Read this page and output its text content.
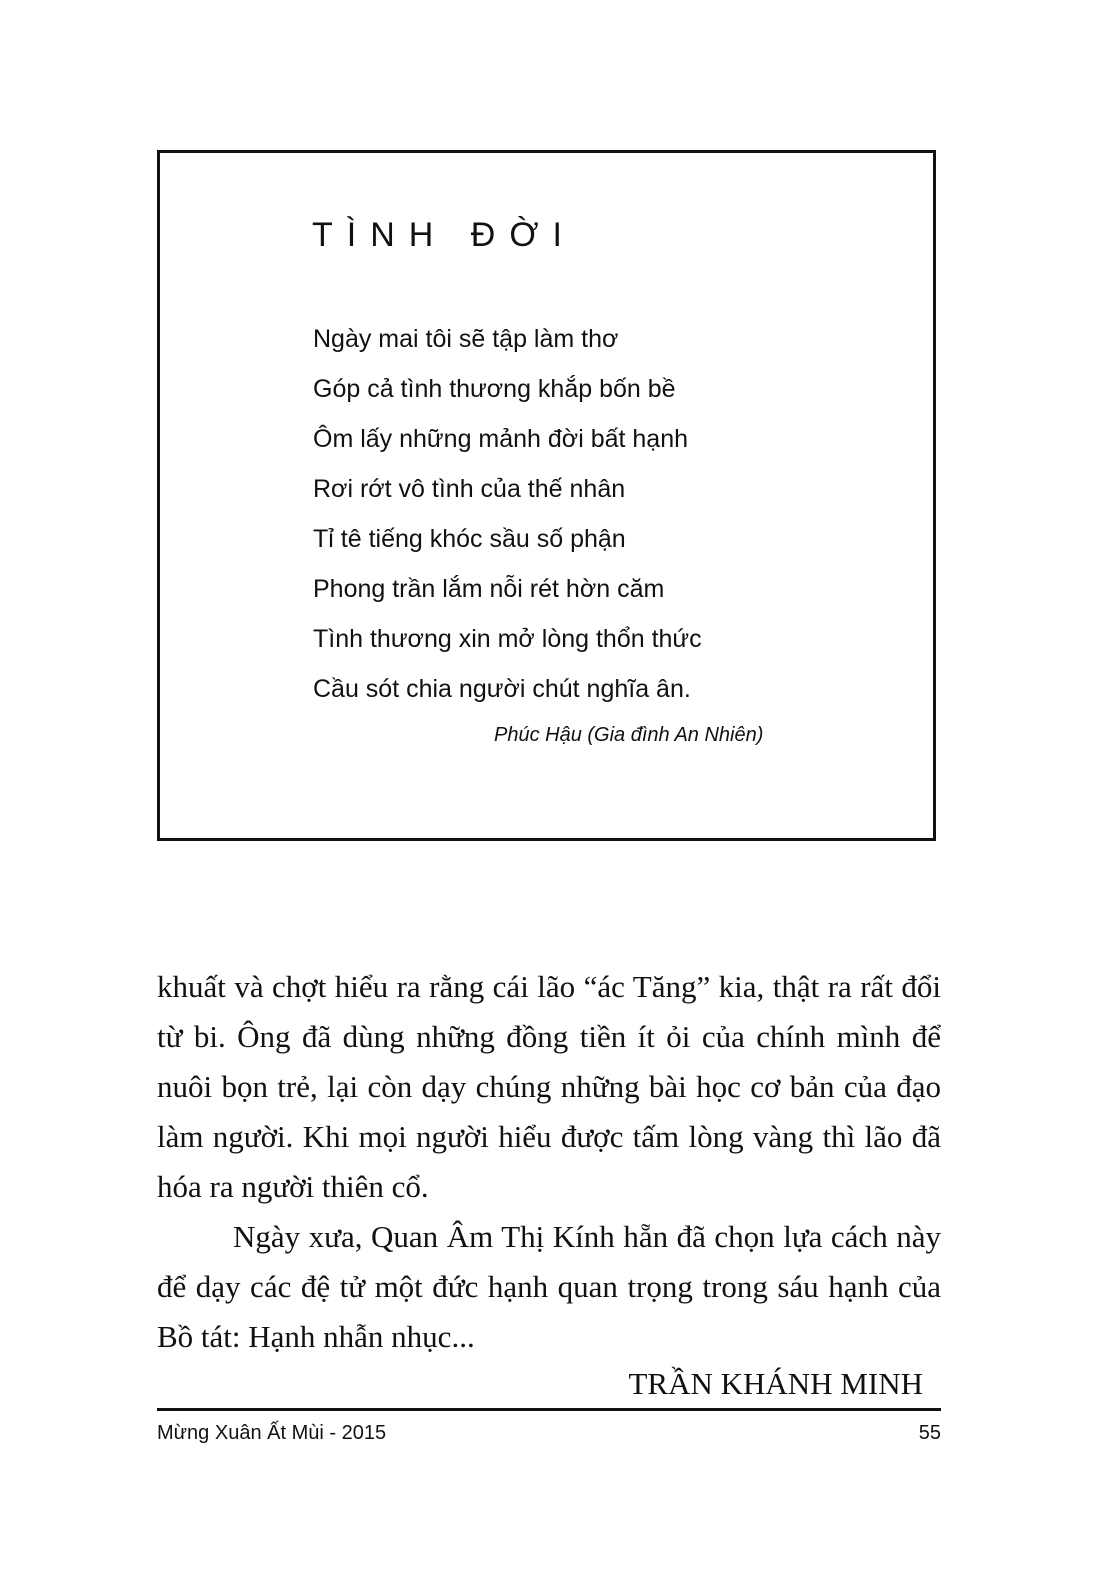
TÌNH ĐỜI
Ngày mai tôi sẽ tập làm thơ
Góp cả tình thương khắp bốn bề
Ôm lấy những mảnh đời bất hạnh
Rơi rớt vô tình của thế nhân
Tỉ tê tiếng khóc sầu số phận
Phong trần lắm nỗi rét hờn căm
Tình thương xin mở lòng thổn thức
Cầu sót chia người chút nghĩa ân.
Phúc Hậu (Gia đình An Nhiên)

khuất và chợt hiểu ra rằng cái lão “ác Tăng” kia, thật ra rất đổi từ bi. Ông đã dùng những đồng tiền ít ỏi của chính mình để nuôi bọn trẻ, lại còn dạy chúng những bài học cơ bản của đạo làm người. Khi mọi người hiểu được tấm lòng vàng thì lão đã hóa ra người thiên cổ.

Ngày xưa, Quan Âm Thị Kính hẵn đã chọn lựa cách này để dạy các đệ tử một đức hạnh quan trọng trong sáu hạnh của Bồ tát: Hạnh nhẫn nhục...

TRẦN KHÁNH MINH
Mừng Xuân Ất Mùi - 2015	55
